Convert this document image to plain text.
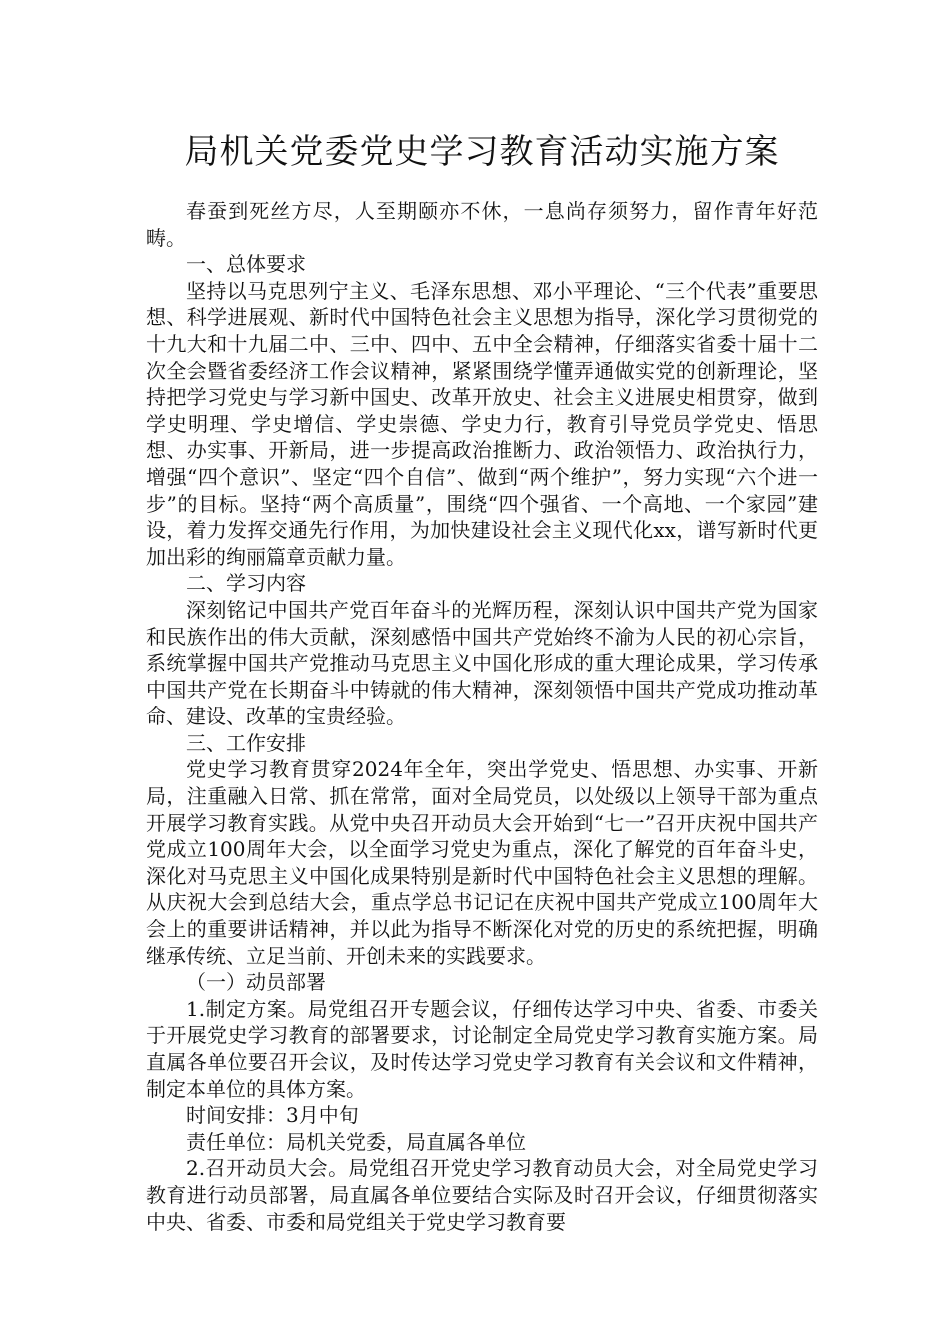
局机关党委党史学习教育活动实施方案

春蚕到死丝方尽，人至期颐亦不休，一息尚存须努力，留作青年好范畴。

一、总体要求

坚持以马克思列宁主义、毛泽东思想、邓小平理论、“三个代表”重要思想、科学进展观、新时代中国特色社会主义思想为指导，深化学习贯彻党的十九大和十九届二中、三中、四中、五中全会精神，仔细落实省委十届十二次全会暨省委经济工作会议精神，紧紧围绕学懂弄通做实党的创新理论，坚持把学习党史与学习新中国史、改革开放史、社会主义进展史相贯穿，做到学史明理、学史增信、学史崇德、学史力行，教育引导党员学党史、悟思想、办实事、开新局，进一步提高政治推断力、政治领悟力、政治执行力，增强“四个意识”、坚定“四个自信”、做到“两个维护”，努力实现“六个进一步”的目标。坚持“两个高质量”，围绕“四个强省、一个高地、一个家园”建设，着力发挥交通先行作用，为加快建设社会主义现代化xx，谱写新时代更加出彩的绚丽篇章贡献力量。

二、学习内容

深刻铭记中国共产党百年奋斗的光辉历程，深刻认识中国共产党为国家和民族作出的伟大贡献，深刻感悟中国共产党始终不渝为人民的初心宗旨，系统掌握中国共产党推动马克思主义中国化形成的重大理论成果，学习传承中国共产党在长期奋斗中铸就的伟大精神，深刻领悟中国共产党成功推动革命、建设、改革的宝贵经验。

三、工作安排

党史学习教育贯穿2024年全年，突出学党史、悟思想、办实事、开新局，注重融入日常、抓在常常，面对全局党员，以处级以上领导干部为重点开展学习教育实践。从党中央召开动员大会开始到“七一”召开庆祝中国共产党成立100周年大会，以全面学习党史为重点，深化了解党的百年奋斗史，深化对马克思主义中国化成果特别是新时代中国特色社会主义思想的理解。从庆祝大会到总结大会，重点学总书记记在庆祝中国共产党成立100周年大会上的重要讲话精神，并以此为指导不断深化对党的历史的系统把握，明确继承传统、立足当前、开创未来的实践要求。

（一）动员部署

1.制定方案。局党组召开专题会议，仔细传达学习中央、省委、市委关于开展党史学习教育的部署要求，讨论制定全局党史学习教育实施方案。局直属各单位要召开会议，及时传达学习党史学习教育有关会议和文件精神，制定本单位的具体方案。

时间安排：3月中旬

责任单位：局机关党委，局直属各单位

2.召开动员大会。局党组召开党史学习教育动员大会，对全局党史学习教育进行动员部署，局直属各单位要结合实际及时召开会议，仔细贯彻落实中央、省委、市委和局党组关于党史学习教育要
